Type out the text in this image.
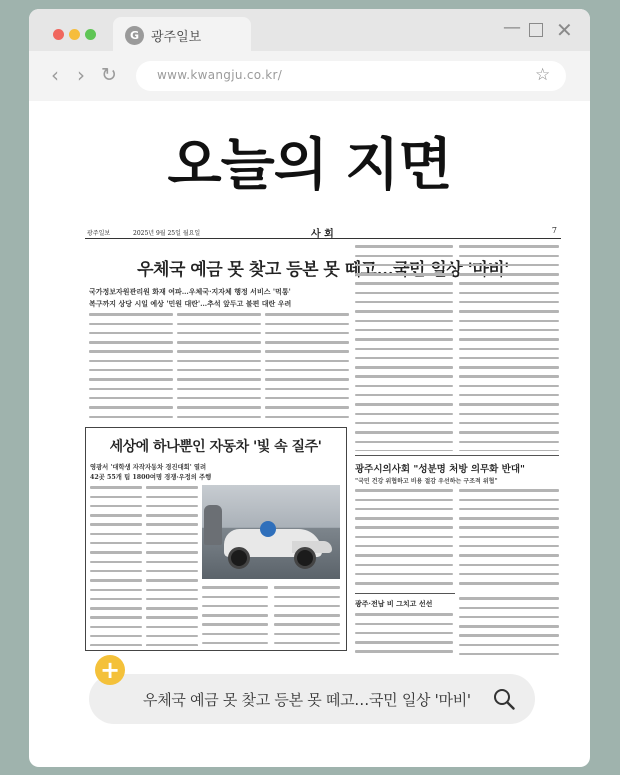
G 광주일보	— ✕
‹ › ↻	www.kwangju.co.kr/	☆
오늘의 지면
광주일보	2025년 9월 25일 월요일	사 회	7
우체국 예금 못 찾고 등본 못 떼고…국민 일상 '마비'
국가정보자원관리원 화재 여파…우체국·지자체 행정 서비스 '먹통'
복구까지 상당 시일 예상 '민원 대란'…추석 앞두고 불편 대란 우려
세상에 하나뿐인 자동차 '빛 속 질주'
영광서 '대학생 자작자동차 경진대회' 열려
42곳 55개 팀 1800여명 경쟁·우정의 주행
광주시의사회 "성분명 처방 의무화 반대"
"국민 건강 위협하고 비용 절감 우선하는 구조적 위협"
광주·전남 비 그치고 선선
우체국 예금 못 찾고 등본 못 떼고…국민 일상 '마비'
+
